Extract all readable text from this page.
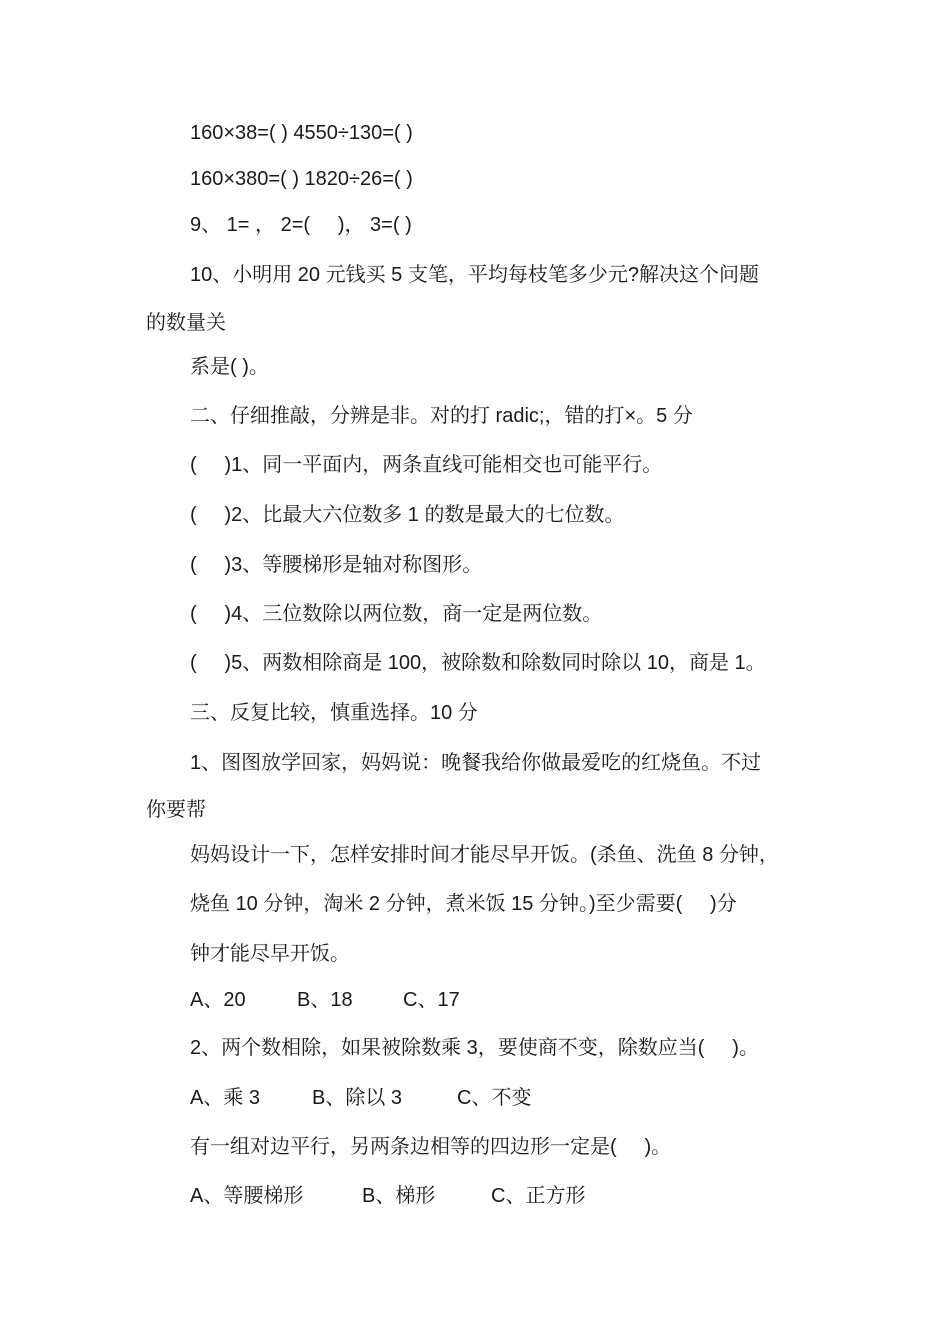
160×38=( ) 4550÷130=( )
160×380=( ) 1820÷26=( )
9、 1= ， 2=(     )， 3=( )
10、小明用 20 元钱买 5 支笔，平均每枝笔多少元?解决这个问题
的数量关
系是( )。
二、仔细推敲，分辨是非。对的打 radic;，错的打×。5 分
(     )1、同一平面内，两条直线可能相交也可能平行。
(     )2、比最大六位数多 1 的数是最大的七位数。
(     )3、等腰梯形是轴对称图形。
(     )4、三位数除以两位数，商一定是两位数。
(     )5、两数相除商是 100，被除数和除数同时除以 10，商是 1。
三、反复比较，慎重选择。10 分
1、图图放学回家，妈妈说：晚餐我给你做最爱吃的红烧鱼。不过
你要帮
妈妈设计一下，怎样安排时间才能尽早开饭。(杀鱼、洗鱼 8 分钟，
烧鱼 10 分钟，淘米 2 分钟，煮米饭 15 分钟。)至少需要(     )分
钟才能尽早开饭。
A、20	B、18	C、17
2、两个数相除，如果被除数乘 3，要使商不变，除数应当(     )。
A、乘 3	B、除以 3	C、不变
有一组对边平行，另两条边相等的四边形一定是(     )。
A、等腰梯形	B、梯形	C、正方形
